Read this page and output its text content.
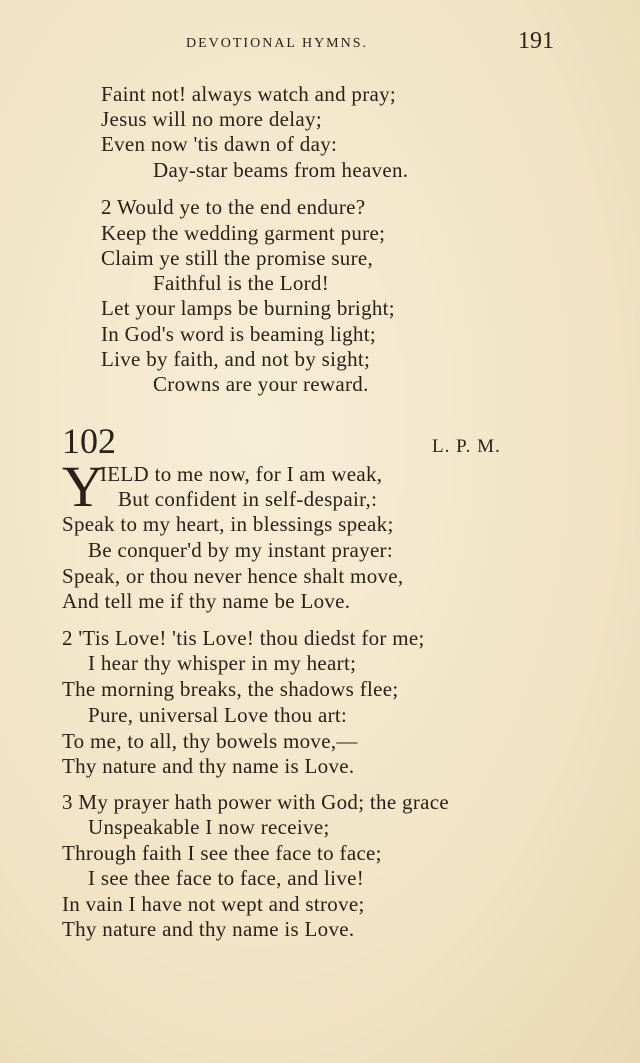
DEVOTIONAL HYMNS.	191
Faint not! always watch and pray;
Jesus will no more delay;
Even now 'tis dawn of day:
Day-star beams from heaven.
2 Would ye to the end endure?
Keep the wedding garment pure;
Claim ye still the promise sure,
Faithful is the Lord!
Let your lamps be burning bright;
In God's word is beaming light;
Live by faith, and not by sight;
Crowns are your reward.
102	L. P. M.
Y
IELD to me now, for I am weak,
But confident in self-despair,:
Speak to my heart, in blessings speak;
Be conquer'd by my instant prayer:
Speak, or thou never hence shalt move,
And tell me if thy name be Love.
2 'Tis Love! 'tis Love! thou diedst for me;
I hear thy whisper in my heart;
The morning breaks, the shadows flee;
Pure, universal Love thou art:
To me, to all, thy bowels move,—
Thy nature and thy name is Love.
3 My prayer hath power with God; the grace
Unspeakable I now receive;
Through faith I see thee face to face;
I see thee face to face, and live!
In vain I have not wept and strove;
Thy nature and thy name is Love.
